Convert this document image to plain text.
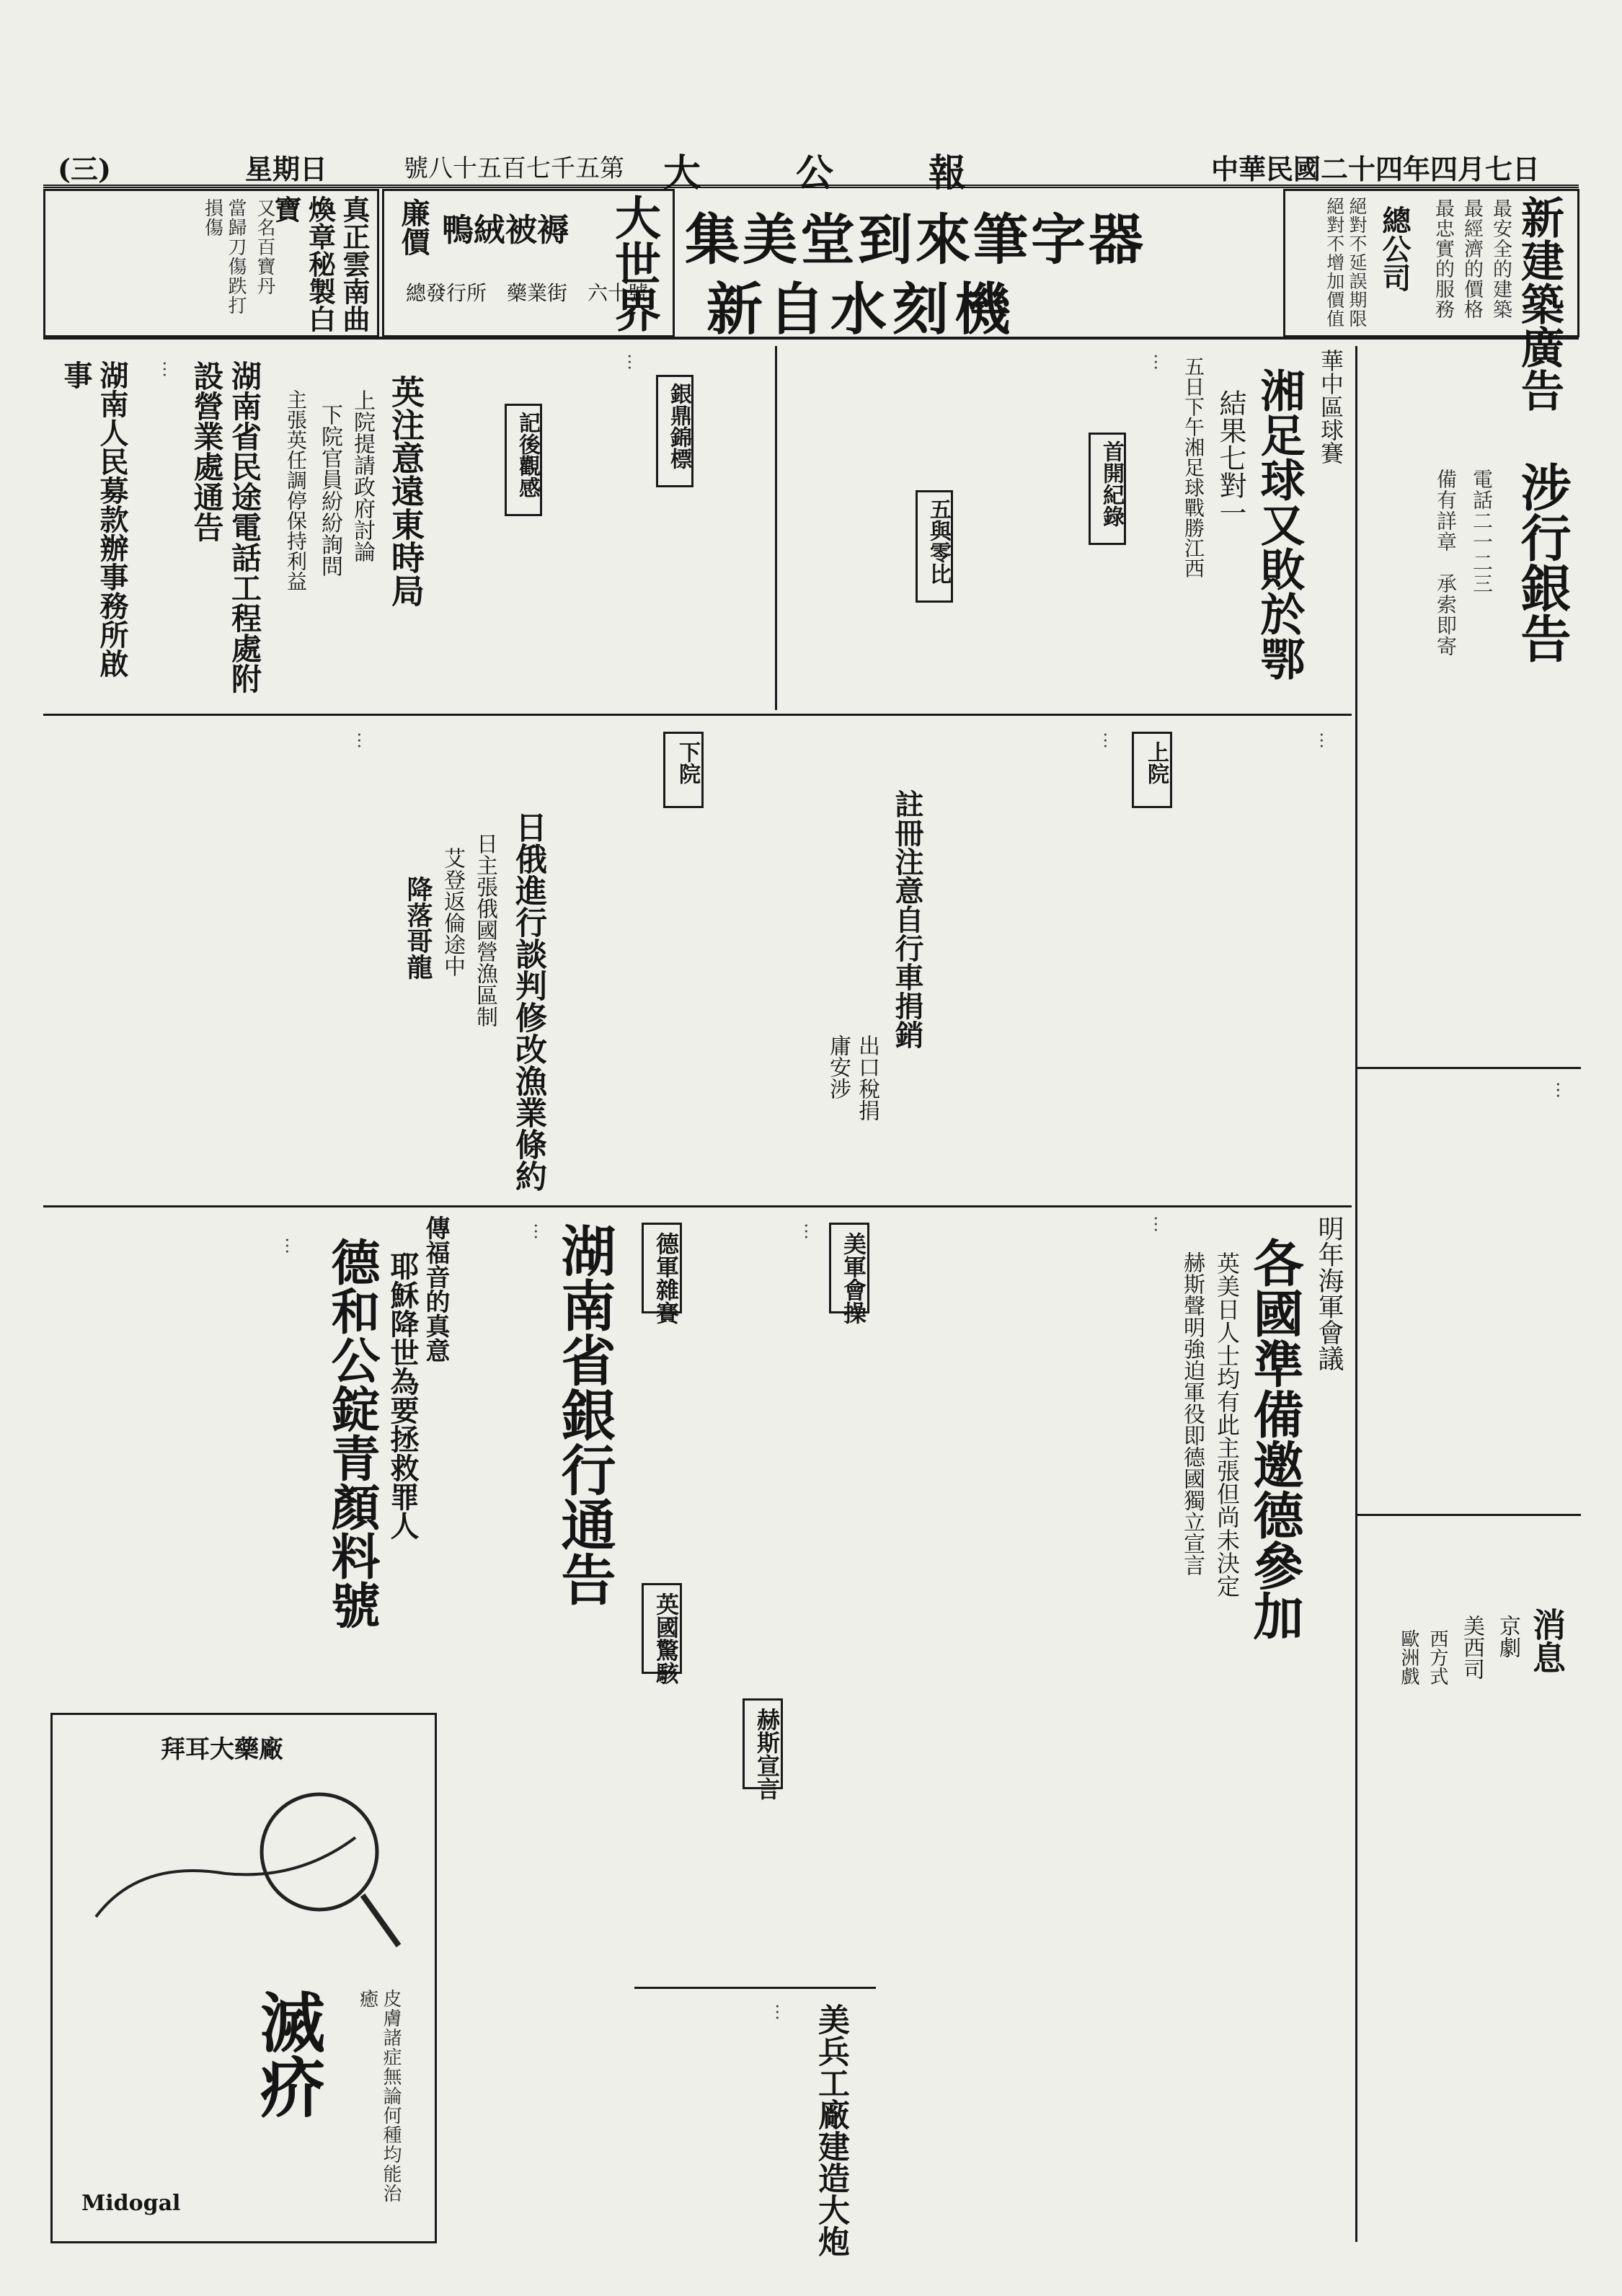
(三)	星期日	號八十五百七千五第 大　公　報	中華民國二十四年四月七日
新建築廣告
最安全的建築
最經濟的價格
最忠實的服務
總公司
絕對不延誤期限　絕對不增加價值
集美堂到來筆字器
新自水刻機
大世界
鴨絨被褥
總發行所　藥業街　六十號
廉價
真正雲南曲煥章秘製白寶
又名百寶丹
當歸刀傷跌打損傷
涉行銀告
電話二一二三
備有詳章　承索即寄
…
消息
京劇
美西司
西方式
歐洲戲
華中區球賽
湘足球又敗於鄂
結果七對一
五日下午湘足球戰勝江西
…
首開紀錄
五與零比
銀鼎錦標
記後觀感
…
英注意遠東時局
上院提請政府討論
下院官員紛紛詢問
主張英任調停保持利益
湖南省民途電話工程處附設營業處通告
…
湖南人民募款辦事務所啟事
上院
下院
…
…
註冊注意自行車捐銷
出口稅捐
庸安涉
日俄進行談判修改漁業條約
日主張俄國營漁區制
艾登返倫途中
降落哥龍
…
明年海軍會議
各國準備邀德參加
英美日人士均有此主張但尚未決定
赫斯聲明強迫軍役即德國獨立宣言
…
美軍會操
德軍雜賽
英國驚駭
赫斯宣言
…
美兵工廠建造大炮
…
湖南省銀行通告
…
德和公錠青顏料號 傳福音的真意
耶穌降世為要拯救罪人
…
拜耳大藥廠
滅疥
Midogal
皮膚諸症無論何種均能治癒
